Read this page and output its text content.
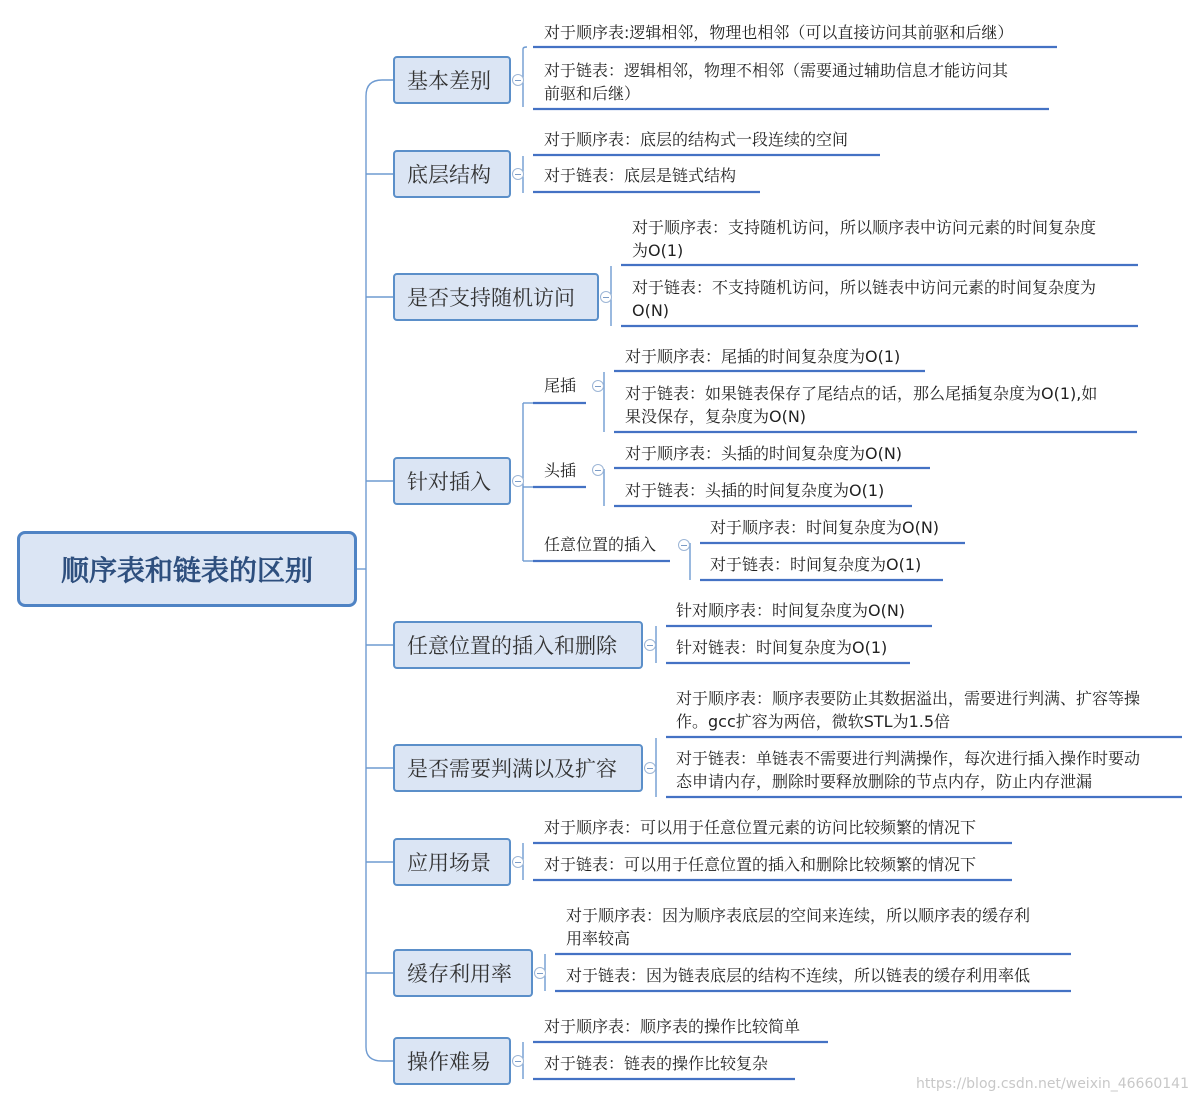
顺序表和链表的区别
基本差别
底层结构
是否支持随机访问
针对插入
任意位置的插入和删除
是否需要判满以及扩容
应用场景
缓存利用率
操作难易
尾插
头插
任意位置的插入
对于顺序表:逻辑相邻，物理也相邻（可以直接访问其前驱和后继）
对于链表：逻辑相邻，物理不相邻（需要通过辅助信息才能访问其
前驱和后继）
对于顺序表：底层的结构式一段连续的空间
对于链表：底层是链式结构
对于顺序表：支持随机访问，所以顺序表中访问元素的时间复杂度
为O(1)
对于链表：不支持随机访问，所以链表中访问元素的时间复杂度为
O(N)
对于顺序表：尾插的时间复杂度为O(1)
对于链表：如果链表保存了尾结点的话，那么尾插复杂度为O(1),如
果没保存，复杂度为O(N)
对于顺序表：头插的时间复杂度为O(N)
对于链表：头插的时间复杂度为O(1)
对于顺序表：时间复杂度为O(N)
对于链表：时间复杂度为O(1)
针对顺序表：时间复杂度为O(N)
针对链表：时间复杂度为O(1)
对于顺序表：顺序表要防止其数据溢出，需要进行判满、扩容等操
作。gcc扩容为两倍，微软STL为1.5倍
对于链表：单链表不需要进行判满操作，每次进行插入操作时要动
态申请内存，删除时要释放删除的节点内存，防止内存泄漏
对于顺序表：可以用于任意位置元素的访问比较频繁的情况下
对于链表：可以用于任意位置的插入和删除比较频繁的情况下
对于顺序表：因为顺序表底层的空间来连续，所以顺序表的缓存利
用率较高
对于链表：因为链表底层的结构不连续，所以链表的缓存利用率低
对于顺序表：顺序表的操作比较简单
对于链表：链表的操作比较复杂
https://blog.csdn.net/weixin_46660141
